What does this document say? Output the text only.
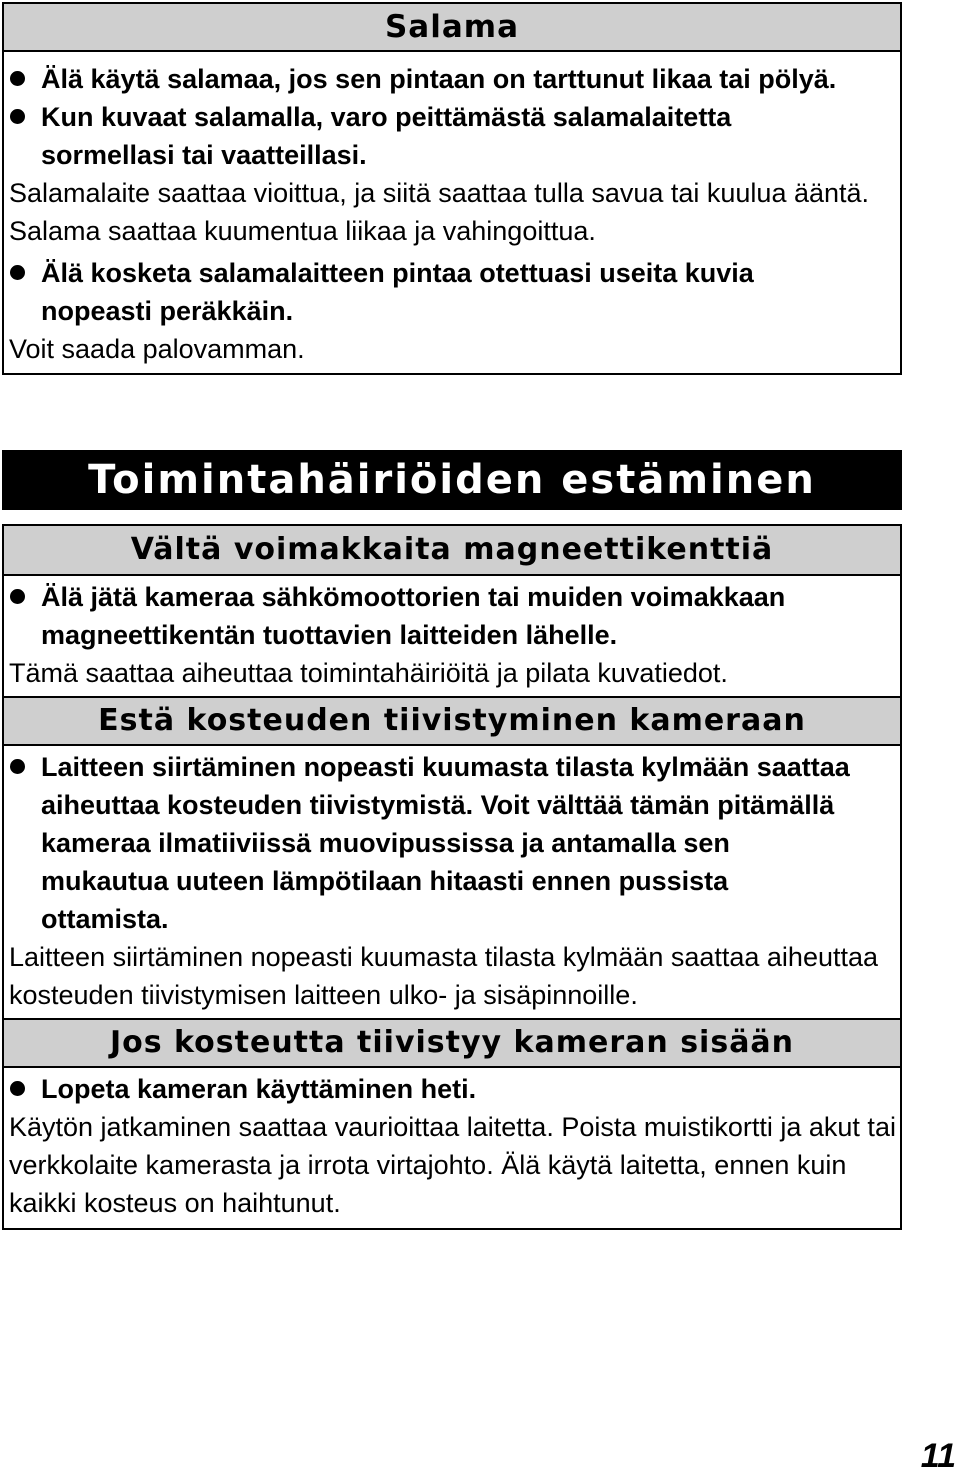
Salama
Älä käytä salamaa, jos sen pintaan on tarttunut likaa tai pölyä.
Kun kuvaat salamalla, varo peittämästä salamalaitetta sormellasi tai vaatteillasi.
Salamalaite saattaa vioittua, ja siitä saattaa tulla savua tai kuulua ääntä. Salama saattaa kuumentua liikaa ja vahingoittua.
Älä kosketa salamalaitteen pintaa otettuasi useita kuvia nopeasti peräkkäin.
Voit saada palovamman.
Toimintahäiriöiden estäminen
Vältä voimakkaita magneettikenttiä
Älä jätä kameraa sähkömoottorien tai muiden voimakkaan magneettikentän tuottavien laitteiden lähelle.
Tämä saattaa aiheuttaa toimintahäiriöitä ja pilata kuvatiedot.
Estä kosteuden tiivistyminen kameraan
Laitteen siirtäminen nopeasti kuumasta tilasta kylmään saattaa aiheuttaa kosteuden tiivistymistä. Voit välttää tämän pitämällä kameraa ilmatiiviissä muovipussissa ja antamalla sen mukautua uuteen lämpötilaan hitaasti ennen pussista ottamista.
Laitteen siirtäminen nopeasti kuumasta tilasta kylmään saattaa aiheuttaa kosteuden tiivistymisen laitteen ulko- ja sisäpinnoille.
Jos kosteutta tiivistyy kameran sisään
Lopeta kameran käyttäminen heti.
Käytön jatkaminen saattaa vaurioittaa laitetta. Poista muistikortti ja akut tai verkkolaite kamerasta ja irrota virtajohto. Älä käytä laitetta, ennen kuin kaikki kosteus on haihtunut.
11
